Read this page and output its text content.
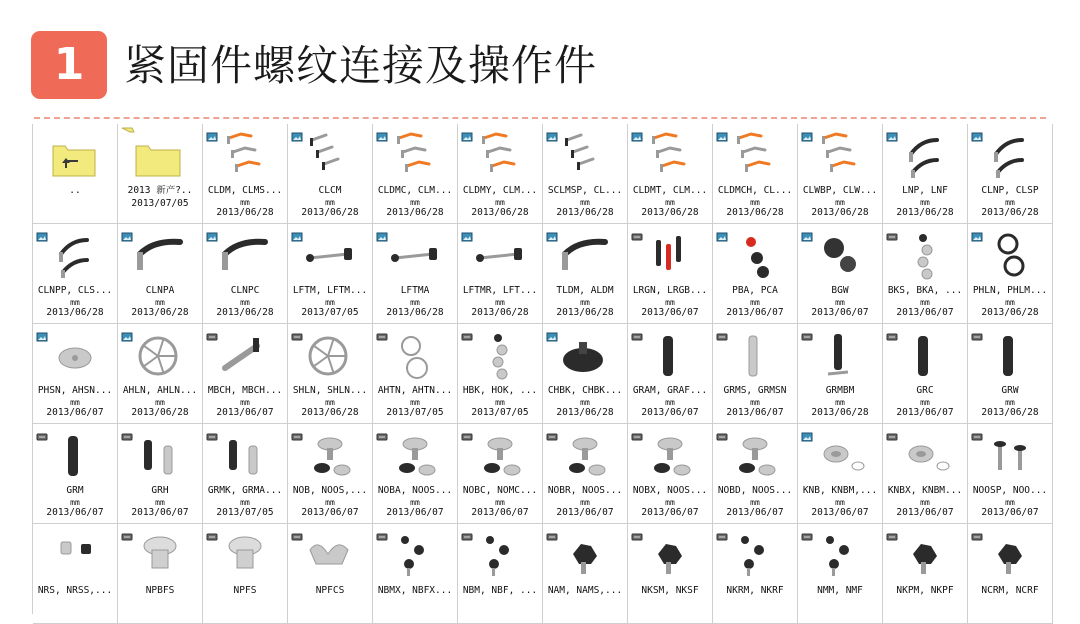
1 紧固件螺纹连接及操作件
..	2013 新产?..
2013/07/05
CLDM, CLMS...
mm
2013/06/28
CLCM
mm
2013/06/28
CLDMC, CLM...
mm
2013/06/28
CLDMY, CLM...
mm
2013/06/28
SCLMSP, CL...
mm
2013/06/28
CLDMT, CLM...
mm
2013/06/28
CLDMCH, CL...
mm
2013/06/28
CLWBP, CLW...
mm
2013/06/28
LNP, LNF
mm
2013/06/28
CLNP, CLSP
mm
2013/06/28
CLNPP, CLS...
mm
2013/06/28
CLNPA
mm
2013/06/28
CLNPC
mm
2013/06/28
LFTM, LFTM...
mm
2013/07/05
LFTMA
mm
2013/06/28
LFTMR, LFT...
mm
2013/06/28
TLDM, ALDM
mm
2013/06/28
LRGN, LRGB...
mm
2013/06/07
PBA, PCA
mm
2013/06/07
BGW
mm
2013/06/07
BKS, BKA, ...
mm
2013/06/07
PHLN, PHLM...
mm
2013/06/28
PHSN, AHSN...
mm
2013/06/07
AHLN, AHLN...
mm
2013/06/28
MBCH, MBCH...
mm
2013/06/07
SHLN, SHLN...
mm
2013/06/28
AHTN, AHTN...
mm
2013/07/05
HBK, HOK, ...
mm
2013/07/05
CHBK, CHBK...
mm
2013/06/28
GRAM, GRAF...
mm
2013/06/07
GRMS, GRMSN
mm
2013/06/07
GRMBM
mm
2013/06/28
GRC
mm
2013/06/07
GRW
mm
2013/06/28
GRM
mm
2013/06/07
GRH
mm
2013/06/07
GRMK, GRMA...
mm
2013/07/05
NOB, NOOS,...
mm
2013/06/07
NOBA, NOOS...
mm
2013/06/07
NOBC, NOMC...
mm
2013/06/07
NOBR, NOOS...
mm
2013/06/07
NOBX, NOOS...
mm
2013/06/07
NOBD, NOOS...
mm
2013/06/07
KNB, KNBM,...
mm
2013/06/07
KNBX, KNBM...
mm
2013/06/07
NOOSP, NOO...
mm
2013/06/07
NRS, NRSS,...	NPBFS	NPFS	NPFCS	NBMX, NBFX...	NBM, NBF, ...	NAM, NAMS,...	NKSM, NKSF	NKRM, NKRF	NMM, NMF	NKPM, NKPF	NCRM, NCRF
